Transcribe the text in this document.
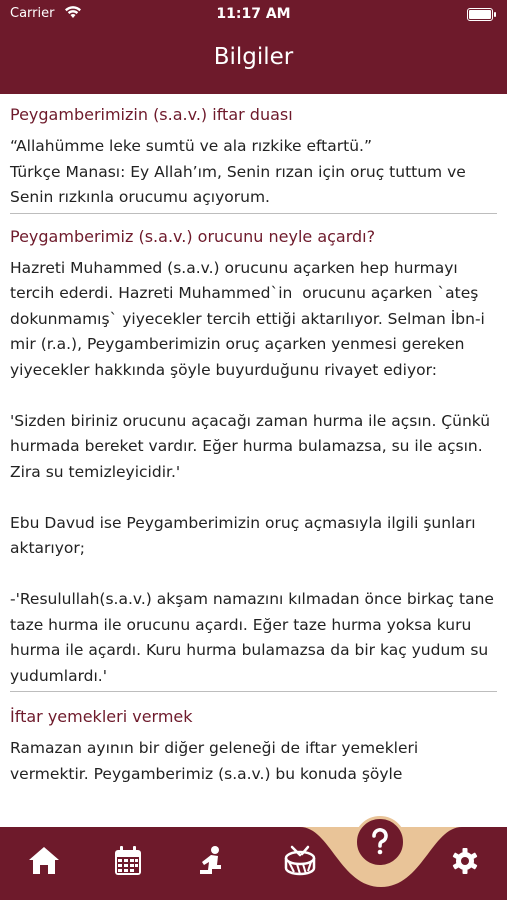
Carrier	11:17 AM
Bilgiler
Peygamberimizin (s.a.v.) iftar duası
“Allahümme leke sumtü ve ala rızkike eftartü.”
Türkçe Manası: Ey Allah’ım, Senin rızan için oruç tuttum ve Senin rızkınla orucumu açıyorum.
Peygamberimiz (s.a.v.) orucunu neyle açardı?
Hazreti Muhammed (s.a.v.) orucunu açarken hep hurmayı tercih ederdi. Hazreti Muhammed`in  orucunu açarken `ateş dokunmamış` yiyecekler tercih ettiği aktarılıyor. Selman İbn-i mir (r.a.), Peygamberimizin oruç açarken yenmesi gereken yiyecekler hakkında şöyle buyurduğunu rivayet ediyor:

'Sizden biriniz orucunu açacağı zaman hurma ile açsın. Çünkü hurmada bereket vardır. Eğer hurma bulamazsa, su ile açsın. Zira su temizleyicidir.'

Ebu Davud ise Peygamberimizin oruç açmasıyla ilgili şunları aktarıyor;

-'Resulullah(s.a.v.) akşam namazını kılmadan önce birkaç tane taze hurma ile orucunu açardı. Eğer taze hurma yoksa kuru hurma ile açardı. Kuru hurma bulamazsa da bir kaç yudum su yudumlardı.'
İftar yemekleri vermek
Ramazan ayının bir diğer geleneği de iftar yemekleri vermektir. Peygamberimiz (s.a.v.) bu konuda şöyle
